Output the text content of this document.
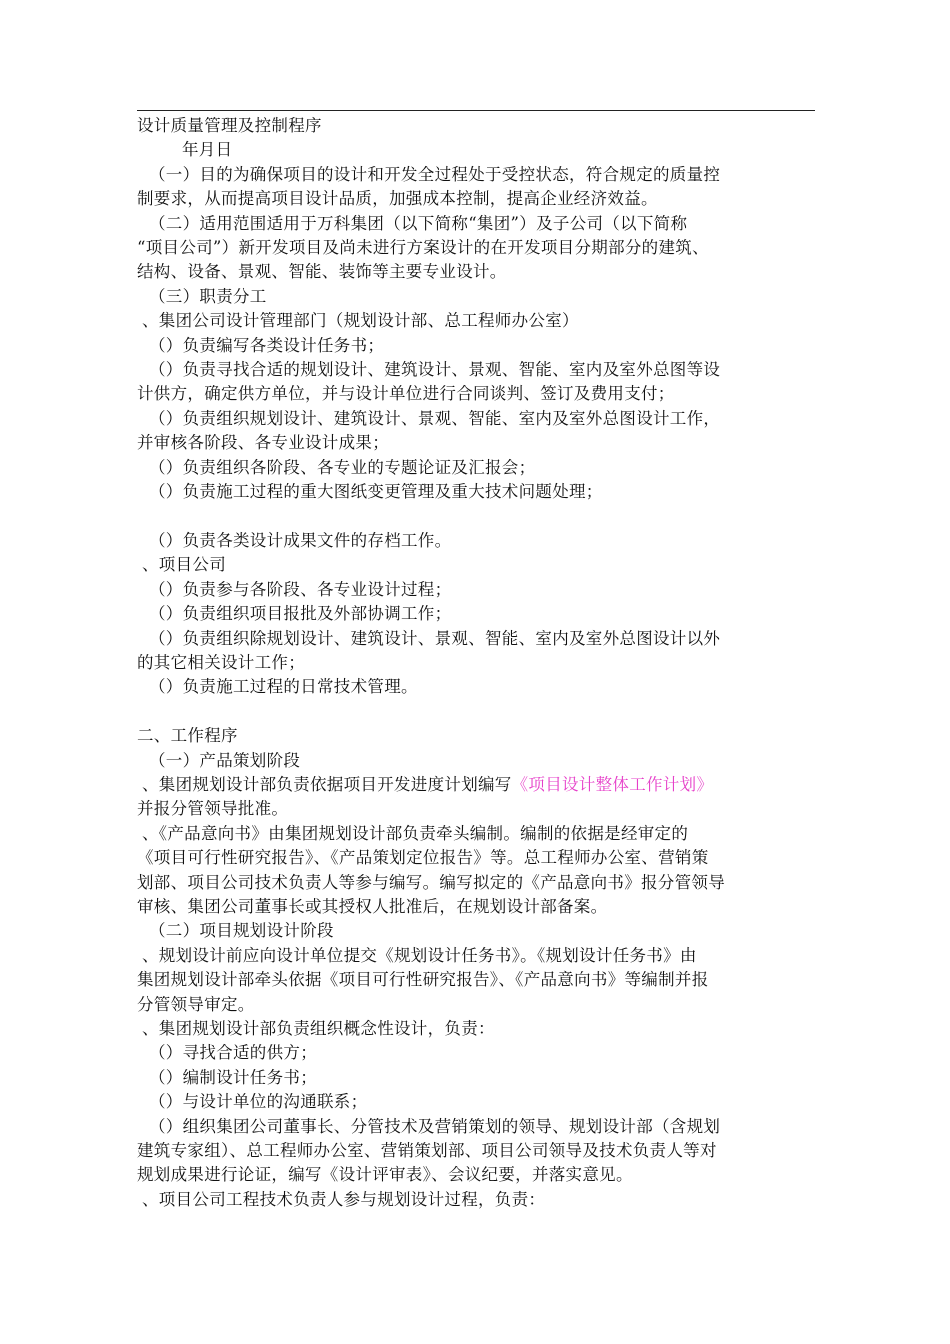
设计质量管理及控制程序

年月日

（一）目的为确保项目的设计和开发全过程处于受控状态，符合规定的质量控

制要求，从而提高项目设计品质，加强成本控制，提高企业经济效益。

（二）适用范围适用于万科集团（以下简称“集团”）及子公司（以下简称

“项目公司”）新开发项目及尚未进行方案设计的在开发项目分期部分的建筑、

结构、设备、景观、智能、装饰等主要专业设计。

（三）职责分工

、集团公司设计管理部门（规划设计部、总工程师办公室）

（）负责编写各类设计任务书；

（）负责寻找合适的规划设计、建筑设计、景观、智能、室内及室外总图等设

计供方，确定供方单位，并与设计单位进行合同谈判、签订及费用支付；

（）负责组织规划设计、建筑设计、景观、智能、室内及室外总图设计工作，

并审核各阶段、各专业设计成果；

（）负责组织各阶段、各专业的专题论证及汇报会；

（）负责施工过程的重大图纸变更管理及重大技术问题处理；

（）负责各类设计成果文件的存档工作。

、项目公司

（）负责参与各阶段、各专业设计过程；

（）负责组织项目报批及外部协调工作；

（）负责组织除规划设计、建筑设计、景观、智能、室内及室外总图设计以外

的其它相关设计工作；

（）负责施工过程的日常技术管理。

二、工作程序

（一）产品策划阶段

、集团规划设计部负责依据项目开发进度计划编写《项目设计整体工作计划》

并报分管领导批准。

、《产品意向书》由集团规划设计部负责牵头编制。编制的依据是经审定的

《项目可行性研究报告》、《产品策划定位报告》等。总工程师办公室、营销策

划部、项目公司技术负责人等参与编写。编写拟定的《产品意向书》报分管领导

审核、集团公司董事长或其授权人批准后，在规划设计部备案。

（二）项目规划设计阶段

、规划设计前应向设计单位提交《规划设计任务书》。《规划设计任务书》由

集团规划设计部牵头依据《项目可行性研究报告》、《产品意向书》等编制并报

分管领导审定。

、集团规划设计部负责组织概念性设计，负责：

（）寻找合适的供方；

（）编制设计任务书；

（）与设计单位的沟通联系；

（）组织集团公司董事长、分管技术及营销策划的领导、规划设计部（含规划

建筑专家组）、总工程师办公室、营销策划部、项目公司领导及技术负责人等对

规划成果进行论证，编写《设计评审表》、会议纪要，并落实意见。

、项目公司工程技术负责人参与规划设计过程，负责：
